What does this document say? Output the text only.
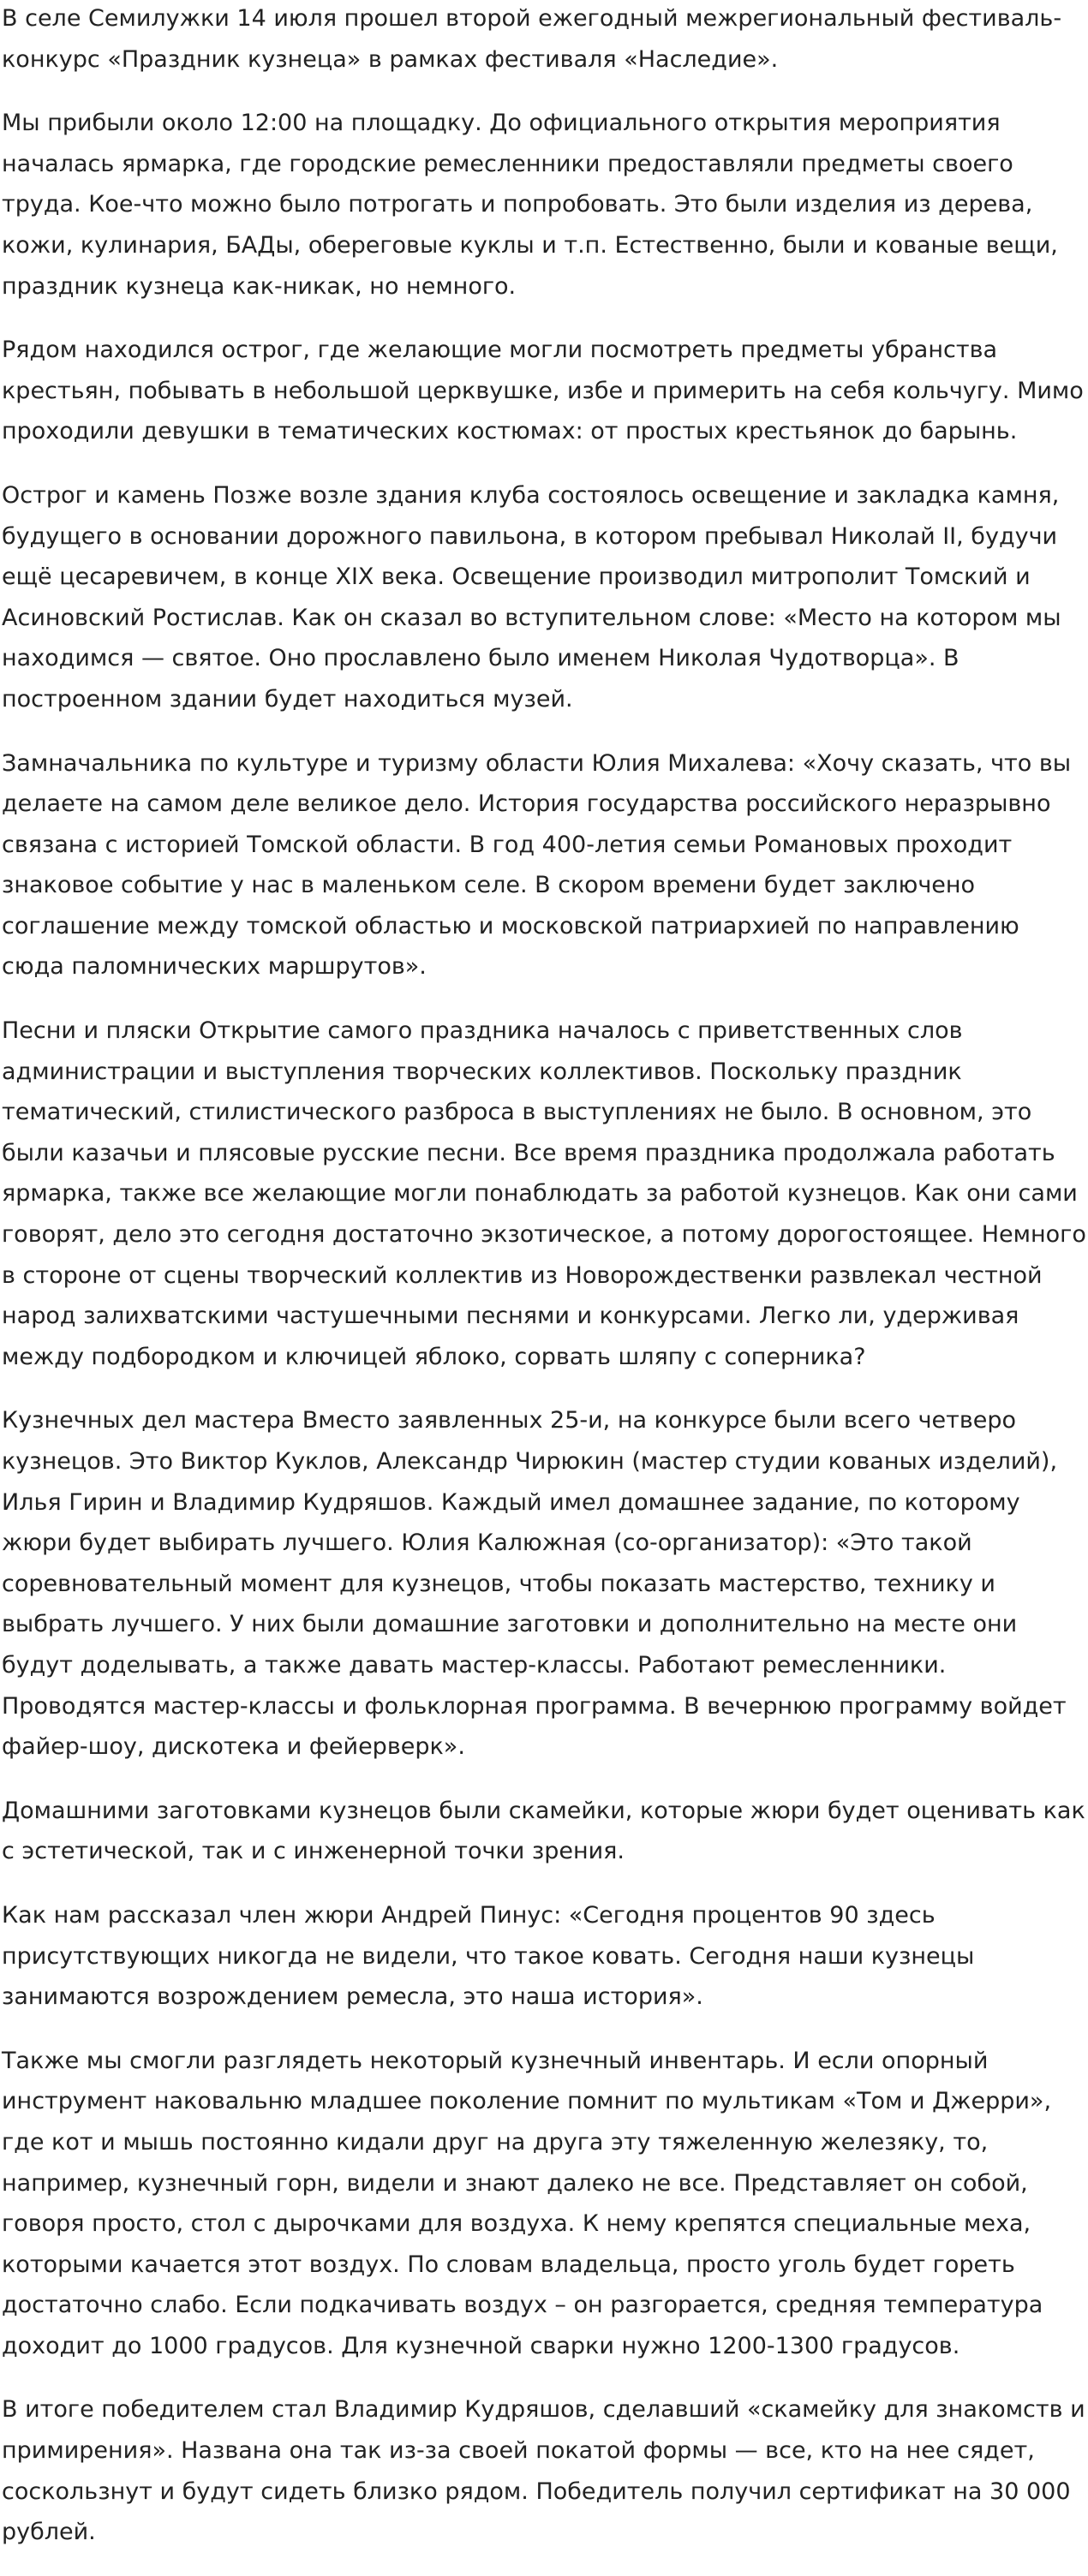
В селе Семилужки 14 июля прошел второй ежегодный межрегиональный фестиваль-конкурс «Праздник кузнеца» в рамках фестиваля «Наследие».

Мы прибыли около 12:00 на площадку. До официального открытия мероприятия началась ярмарка, где городские ремесленники предоставляли предметы своего труда. Кое-что можно было потрогать и попробовать. Это были изделия из дерева, кожи, кулинария, БАДы, обереговые куклы и т.п. Естественно, были и кованые вещи, праздник кузнеца как-никак, но немного.

Рядом находился острог, где желающие могли посмотреть предметы убранства крестьян, побывать в небольшой церквушке, избе и примерить на себя кольчугу. Мимо проходили девушки в тематических костюмах: от простых крестьянок до барынь.

Острог и камень Позже возле здания клуба состоялось освещение и закладка камня, будущего в основании дорожного павильона, в котором пребывал Николай II, будучи ещё цесаревичем, в конце XIX века. Освещение производил митрополит Томский и Асиновский Ростислав. Как он сказал во вступительном слове: «Место на котором мы находимся — святое. Оно прославлено было именем Николая Чудотворца». В построенном здании будет находиться музей.

Замначальника по культуре и туризму области Юлия Михалева: «Хочу сказать, что вы делаете на самом деле великое дело. История государства российского неразрывно связана с историей Томской области. В год 400-летия семьи Романовых проходит знаковое событие у нас в маленьком селе. В скором времени будет заключено соглашение между томской областью и московской патриархией по направлению сюда паломнических маршрутов».

Песни и пляски Открытие самого праздника началось с приветственных слов администрации и выступления творческих коллективов. Поскольку праздник тематический, стилистического разброса в выступлениях не было. В основном, это были казачьи и плясовые русские песни. Все время праздника продолжала работать ярмарка, также все желающие могли понаблюдать за работой кузнецов. Как они сами говорят, дело это сегодня достаточно экзотическое, а потому дорогостоящее. Немного в стороне от сцены творческий коллектив из Новорождественки развлекал честной народ залихватскими частушечными песнями и конкурсами. Легко ли, удерживая между подбородком и ключицей яблоко, сорвать шляпу с соперника?

Кузнечных дел мастера Вместо заявленных 25-и, на конкурсе были всего четверо кузнецов. Это Виктор Куклов, Александр Чирюкин (мастер студии кованых изделий), Илья Гирин и Владимир Кудряшов. Каждый имел домашнее задание, по которому жюри будет выбирать лучшего. Юлия Калюжная (со-организатор): «Это такой соревновательный момент для кузнецов, чтобы показать мастерство, технику и выбрать лучшего. У них были домашние заготовки и дополнительно на месте они будут доделывать, а также давать мастер-классы. Работают ремесленники. Проводятся мастер-классы и фольклорная программа. В вечернюю программу войдет файер-шоу, дискотека и фейерверк».

Домашними заготовками кузнецов были скамейки, которые жюри будет оценивать как с эстетической, так и с инженерной точки зрения.

Как нам рассказал член жюри Андрей Пинус: «Сегодня процентов 90 здесь присутствующих никогда не видели, что такое ковать. Сегодня наши кузнецы занимаются возрождением ремесла, это наша история».

Также мы смогли разглядеть некоторый кузнечный инвентарь. И если опорный инструмент наковальню младшее поколение помнит по мультикам «Том и Джерри», где кот и мышь постоянно кидали друг на друга эту тяжеленную железяку, то, например, кузнечный горн, видели и знают далеко не все. Представляет он собой, говоря просто, стол с дырочками для воздуха. К нему крепятся специальные меха, которыми качается этот воздух. По словам владельца, просто уголь будет гореть достаточно слабо. Если подкачивать воздух – он разгорается, средняя температура доходит до 1000 градусов. Для кузнечной сварки нужно 1200-1300 градусов.

В итоге победителем стал Владимир Кудряшов, сделавший «скамейку для знакомств и примирения». Названа она так из-за своей покатой формы — все, кто на нее сядет, соскользнут и будут сидеть близко рядом. Победитель получил сертификат на 30 000 рублей.
